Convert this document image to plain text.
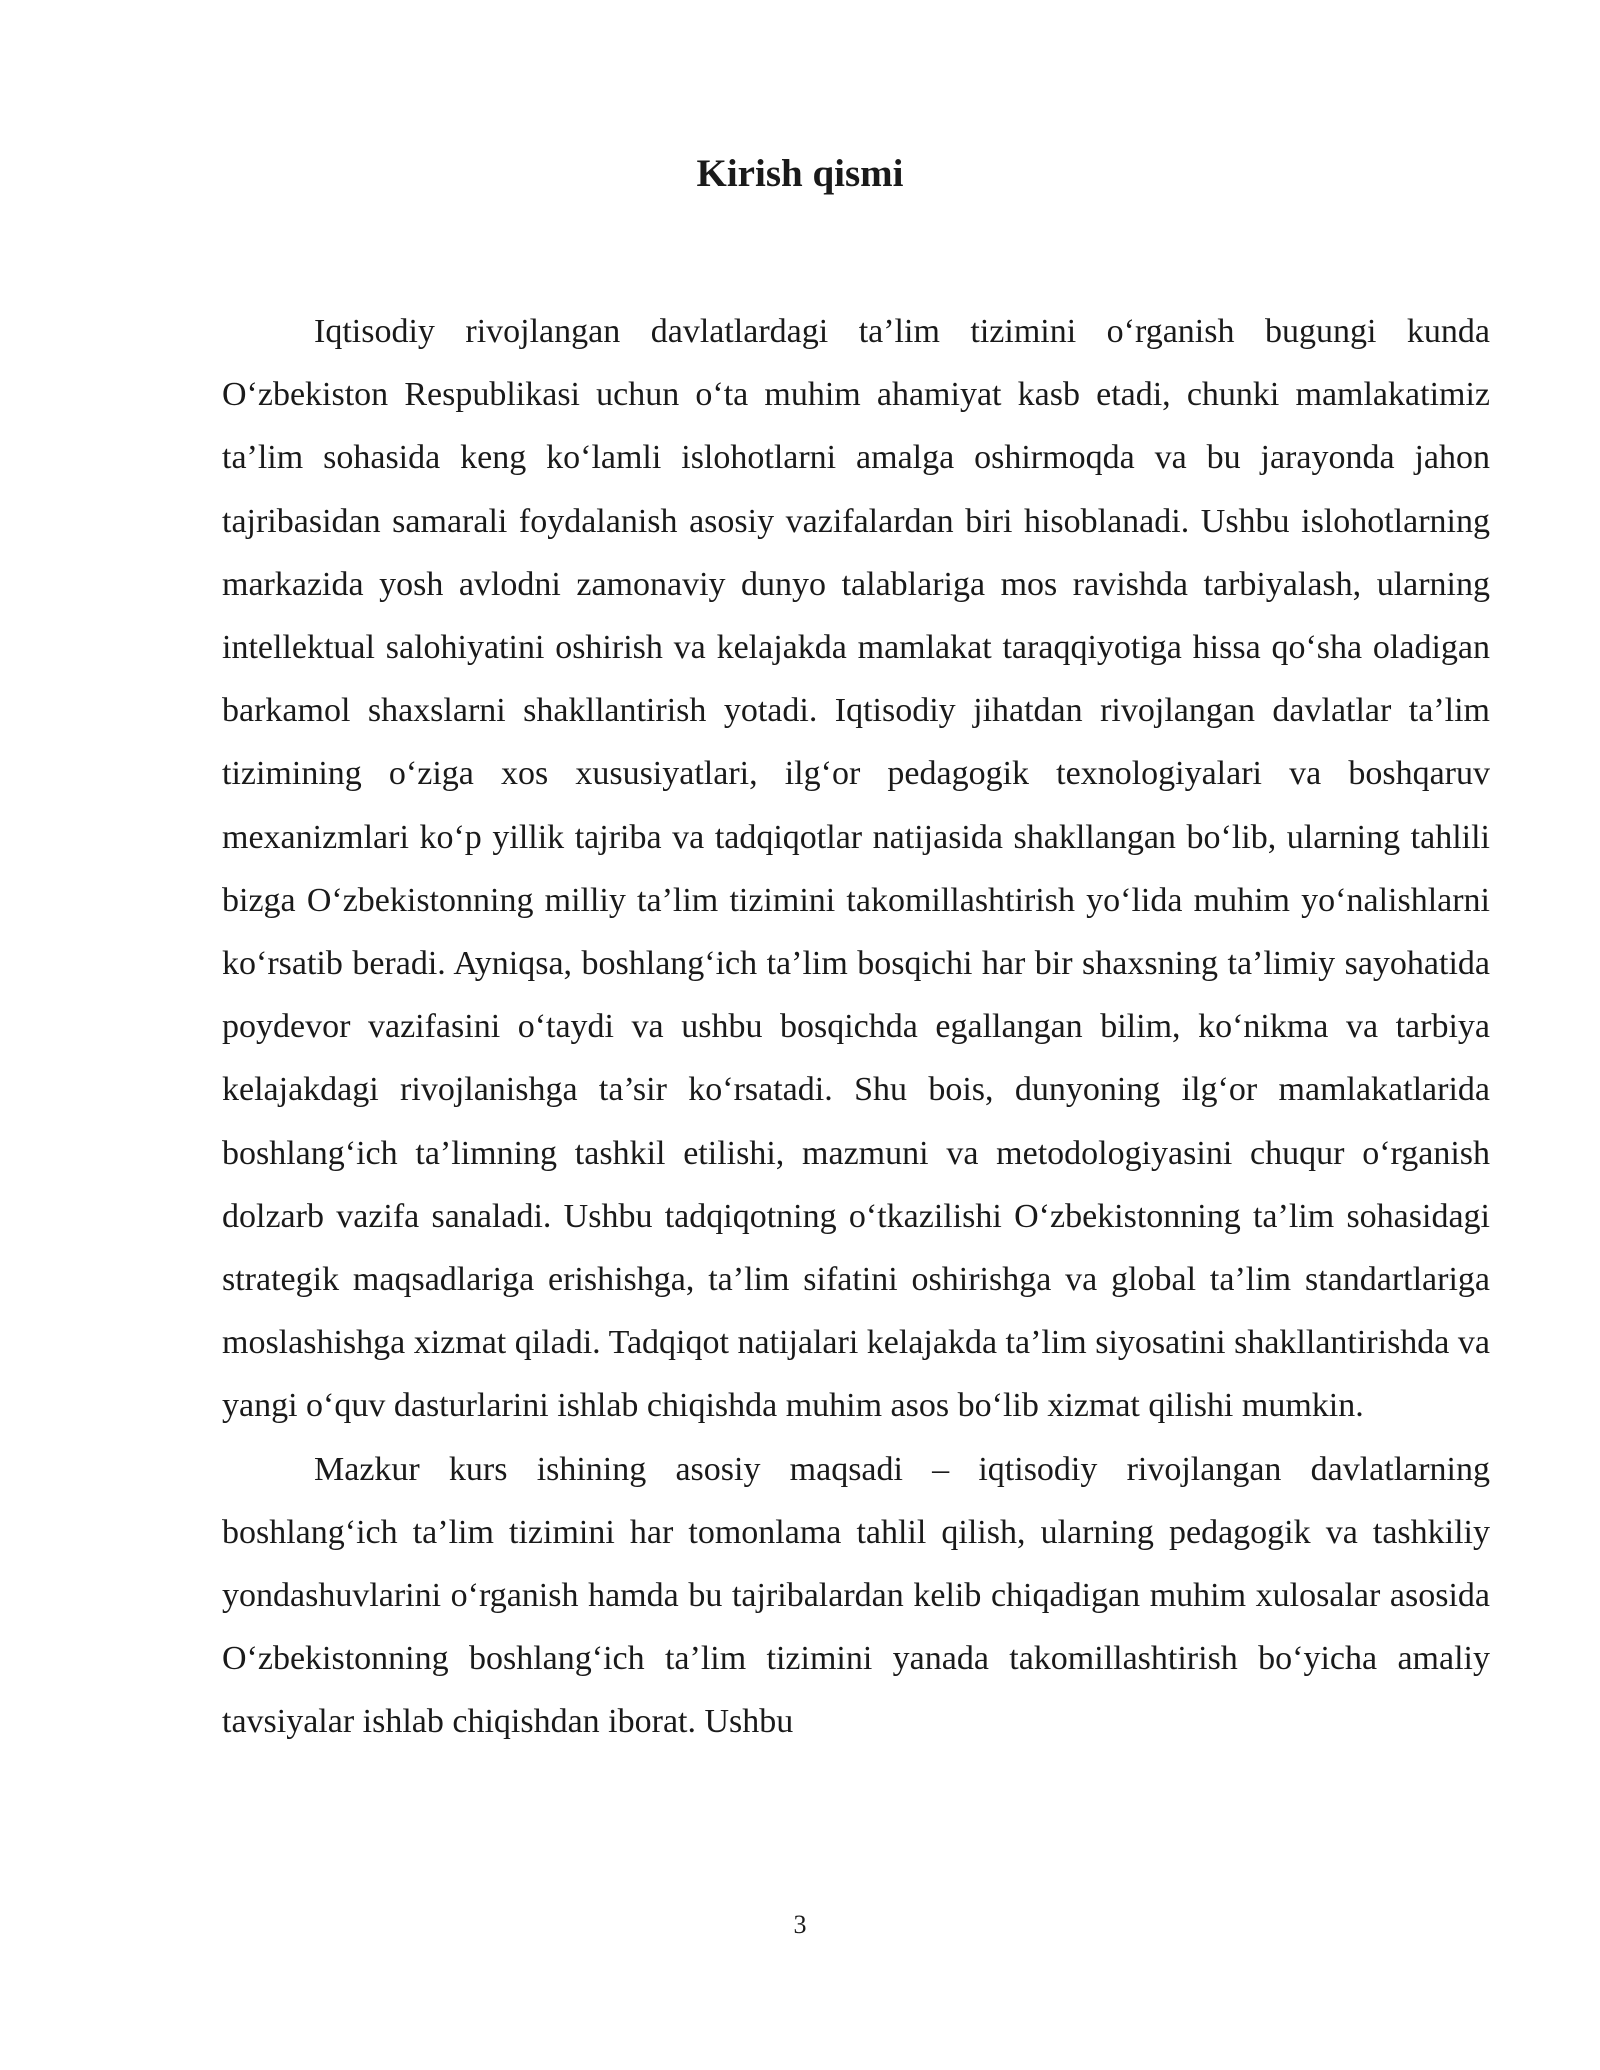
Kirish qismi

Iqtisodiy rivojlangan davlatlardagi ta’lim tizimini o‘rganish bugungi kunda O‘zbekiston Respublikasi uchun o‘ta muhim ahamiyat kasb etadi, chunki mamlakatimiz ta’lim sohasida keng ko‘lamli islohotlarni amalga oshirmoqda va bu jarayonda jahon tajribasidan samarali foydalanish asosiy vazifalardan biri hisoblanadi. Ushbu islohotlarning markazida yosh avlodni zamonaviy dunyo talablariga mos ravishda tarbiyalash, ularning intellektual salohiyatini oshirish va kelajakda mamlakat taraqqiyotiga hissa qo‘sha oladigan barkamol shaxslarni shakllantirish yotadi. Iqtisodiy jihatdan rivojlangan davlatlar ta’lim tizimining o‘ziga xos xususiyatlari, ilg‘or pedagogik texnologiyalari va boshqaruv mexanizmlari ko‘p yillik tajriba va tadqiqotlar natijasida shakllangan bo‘lib, ularning tahlili bizga O‘zbekistonning milliy ta’lim tizimini takomillashtirish yo‘lida muhim yo‘nalishlarni ko‘rsatib beradi. Ayniqsa, boshlang‘ich ta’lim bosqichi har bir shaxsning ta’limiy sayohatida poydevor vazifasini o‘taydi va ushbu bosqichda egallangan bilim, ko‘nikma va tarbiya kelajakdagi rivojlanishga ta’sir ko‘rsatadi. Shu bois, dunyoning ilg‘or mamlakatlarida boshlang‘ich ta’limning tashkil etilishi, mazmuni va metodologiyasini chuqur o‘rganish dolzarb vazifa sanaladi. Ushbu tadqiqotning o‘tkazilishi O‘zbekistonning ta’lim sohasidagi strategik maqsadlariga erishishga, ta’lim sifatini oshirishga va global ta’lim standartlariga moslashishga xizmat qiladi. Tadqiqot natijalari kelajakda ta’lim siyosatini shakllantirishda va yangi o‘quv dasturlarini ishlab chiqishda muhim asos bo‘lib xizmat qilishi mumkin.

Mazkur kurs ishining asosiy maqsadi – iqtisodiy rivojlangan davlatlarning boshlang‘ich ta’lim tizimini har tomonlama tahlil qilish, ularning pedagogik va tashkiliy yondashuvlarini o‘rganish hamda bu tajribalardan kelib chiqadigan muhim xulosalar asosida O‘zbekistonning boshlang‘ich ta’lim tizimini yanada takomillashtirish bo‘yicha amaliy tavsiyalar ishlab chiqishdan iborat. Ushbu

3
